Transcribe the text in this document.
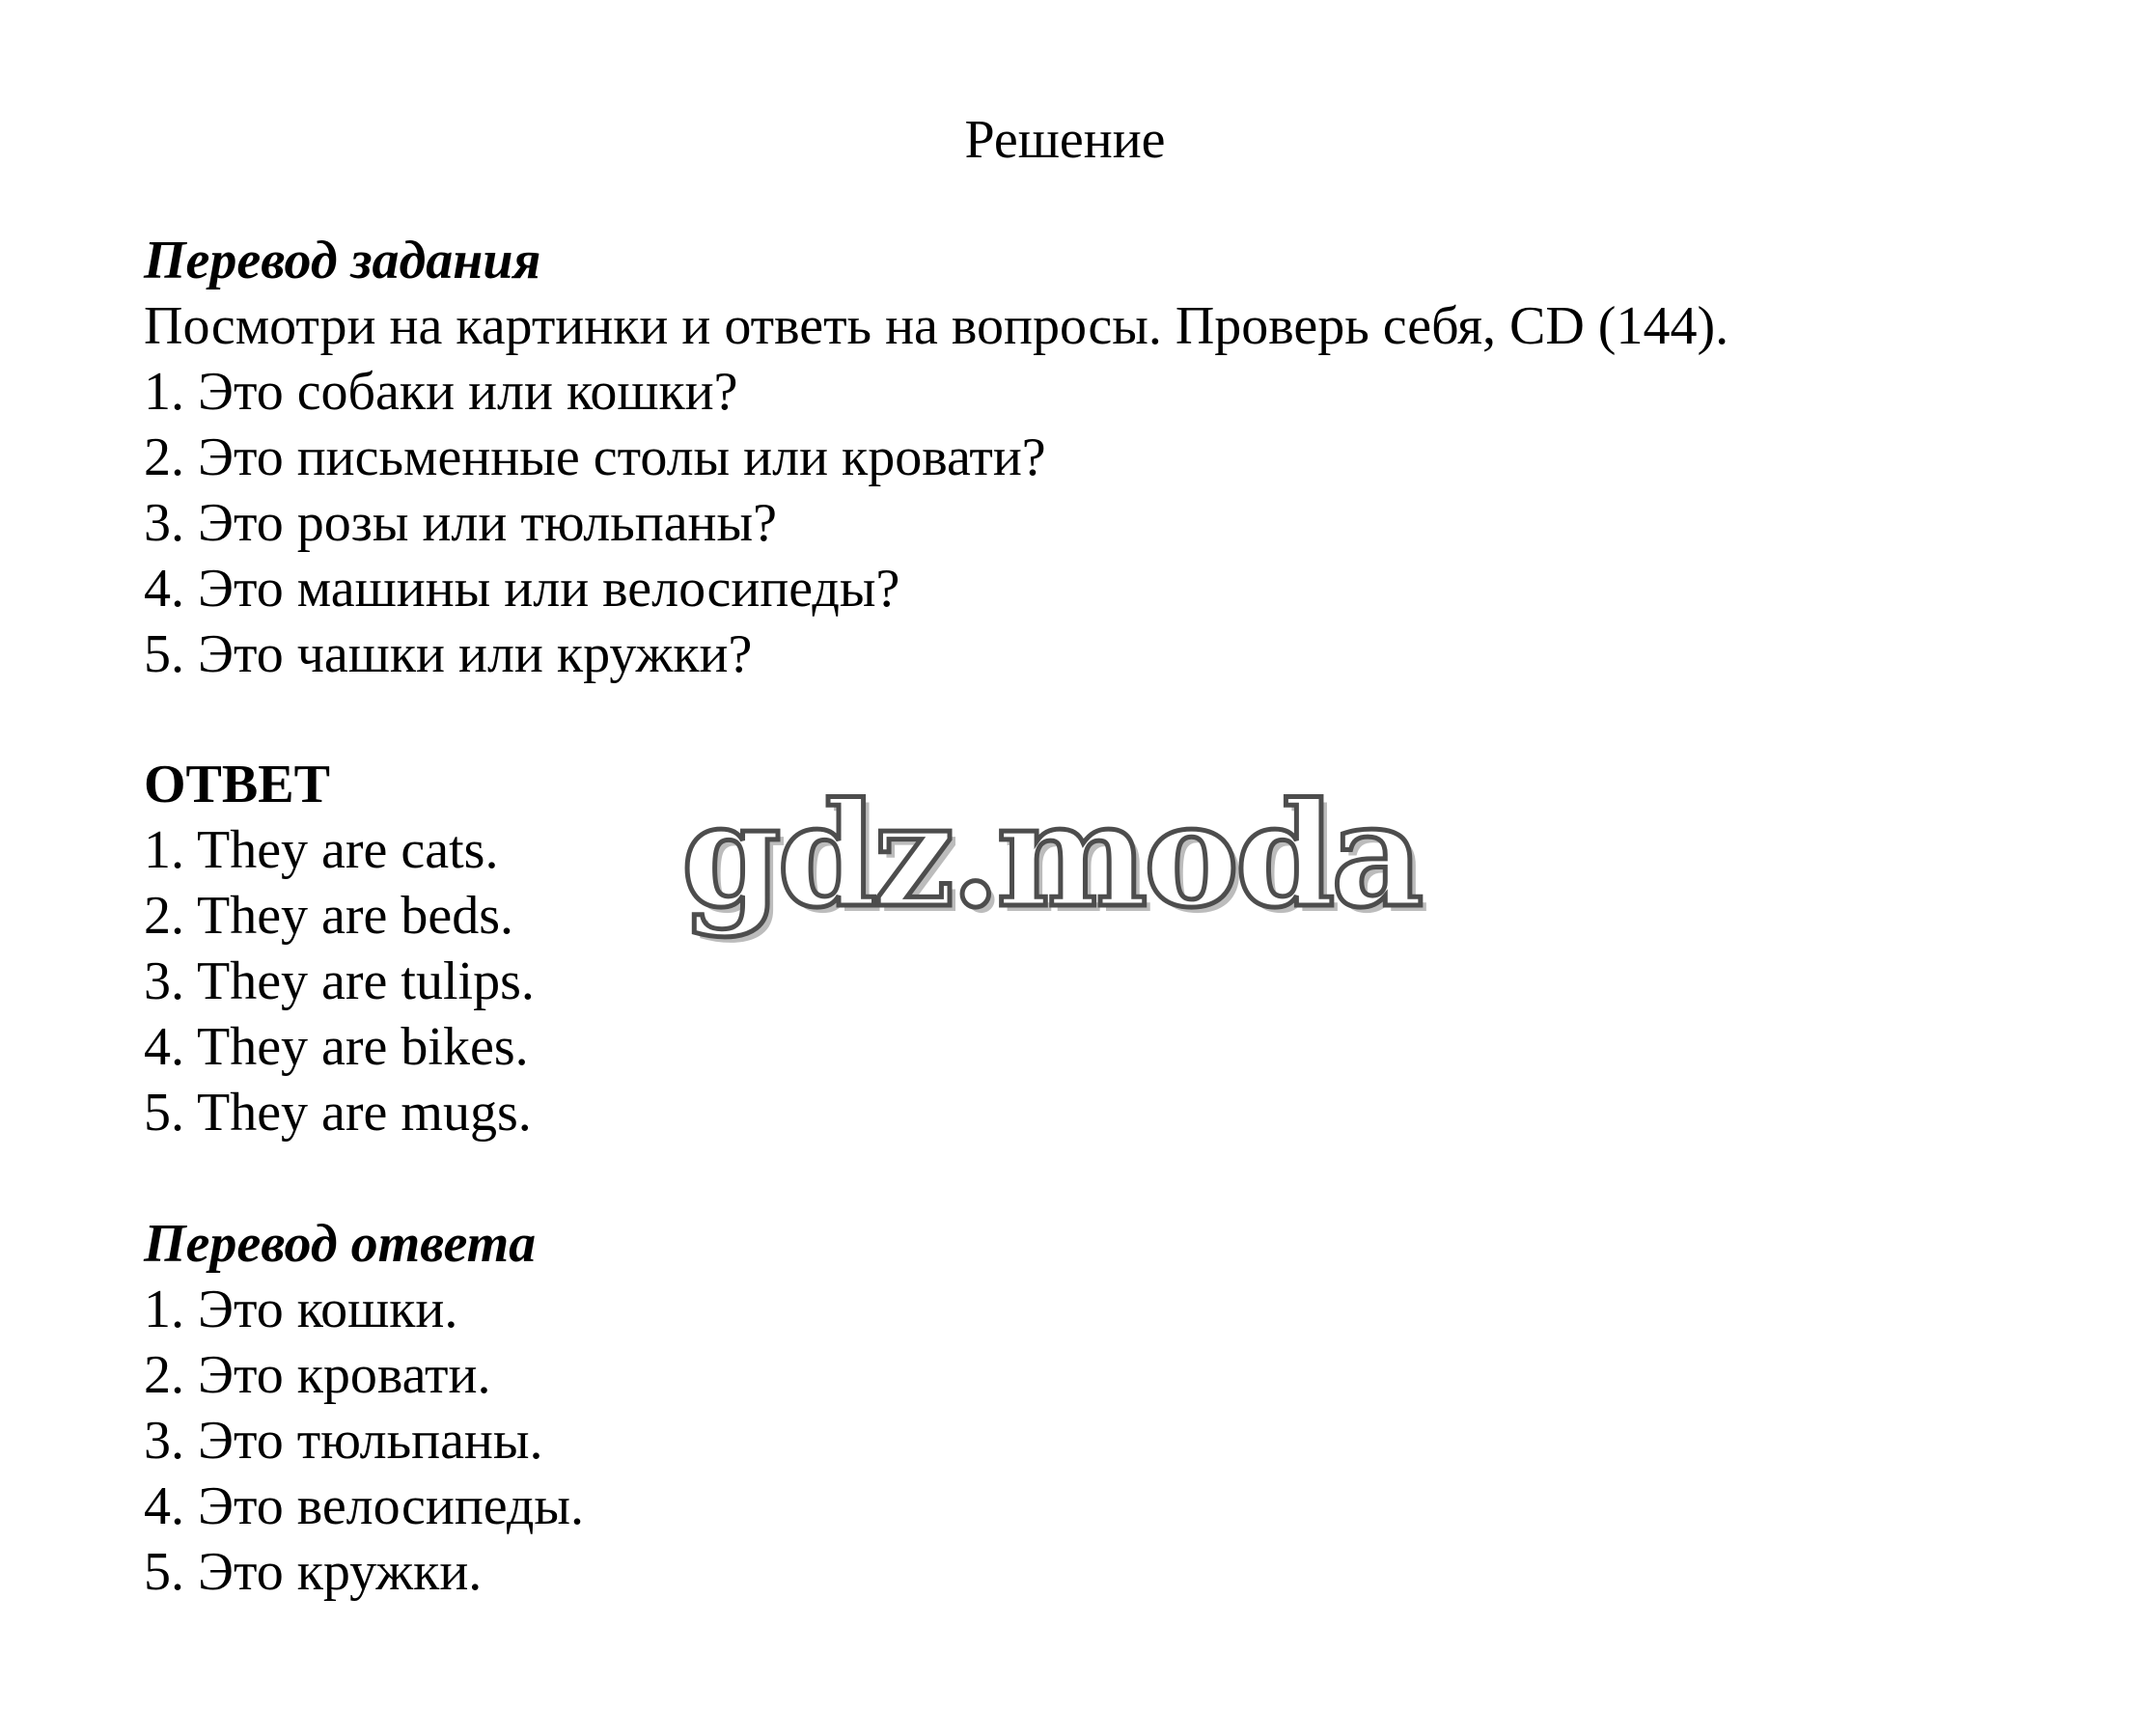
Решение
Перевод задания
Посмотри на картинки и ответь на вопросы. Проверь себя, CD (144).
1. Это собаки или кошки?
2. Это письменные столы или кровати?
3. Это розы или тюльпаны?
4. Это машины или велосипеды?
5. Это чашки или кружки?
ОТВЕТ
1. They are cats.
2. They are beds.
3. They are tulips.
4. They are bikes.
5. They are mugs.
Перевод ответа
1. Это кошки.
2. Это кровати.
3. Это тюльпаны.
4. Это велосипеды.
5. Это кружки.
gdz.moda
